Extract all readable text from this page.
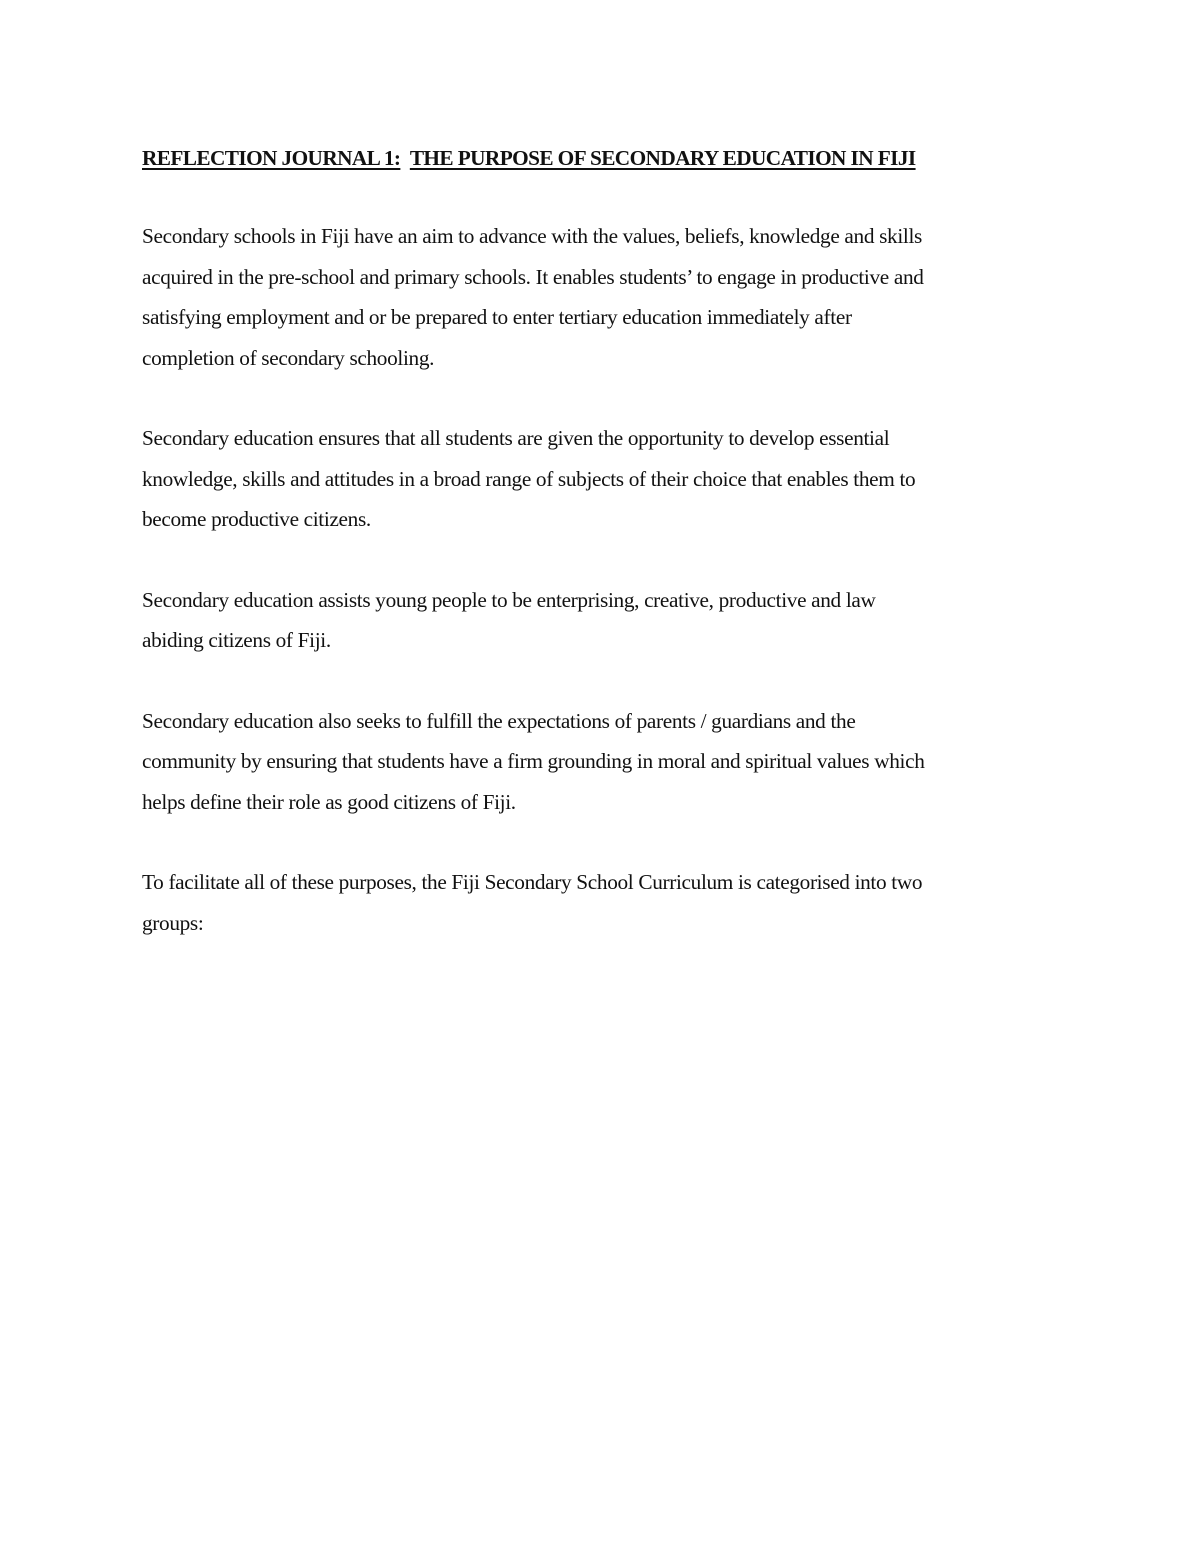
REFLECTION JOURNAL 1: THE PURPOSE OF SECONDARY EDUCATION IN FIJI

Secondary schools in Fiji have an aim to advance with the values, beliefs, knowledge and skills
acquired in the pre-school and primary schools. It enables students’ to engage in productive and
satisfying employment and or be prepared to enter tertiary education immediately after
completion of secondary schooling.

Secondary education ensures that all students are given the opportunity to develop essential
knowledge, skills and attitudes in a broad range of subjects of their choice that enables them to
become productive citizens.

Secondary education assists young people to be enterprising, creative, productive and law
abiding citizens of Fiji.

Secondary education also seeks to fulfill the expectations of parents / guardians and the
community by ensuring that students have a firm grounding in moral and spiritual values which
helps define their role as good citizens of Fiji.

To facilitate all of these purposes, the Fiji Secondary School Curriculum is categorised into two
groups:
